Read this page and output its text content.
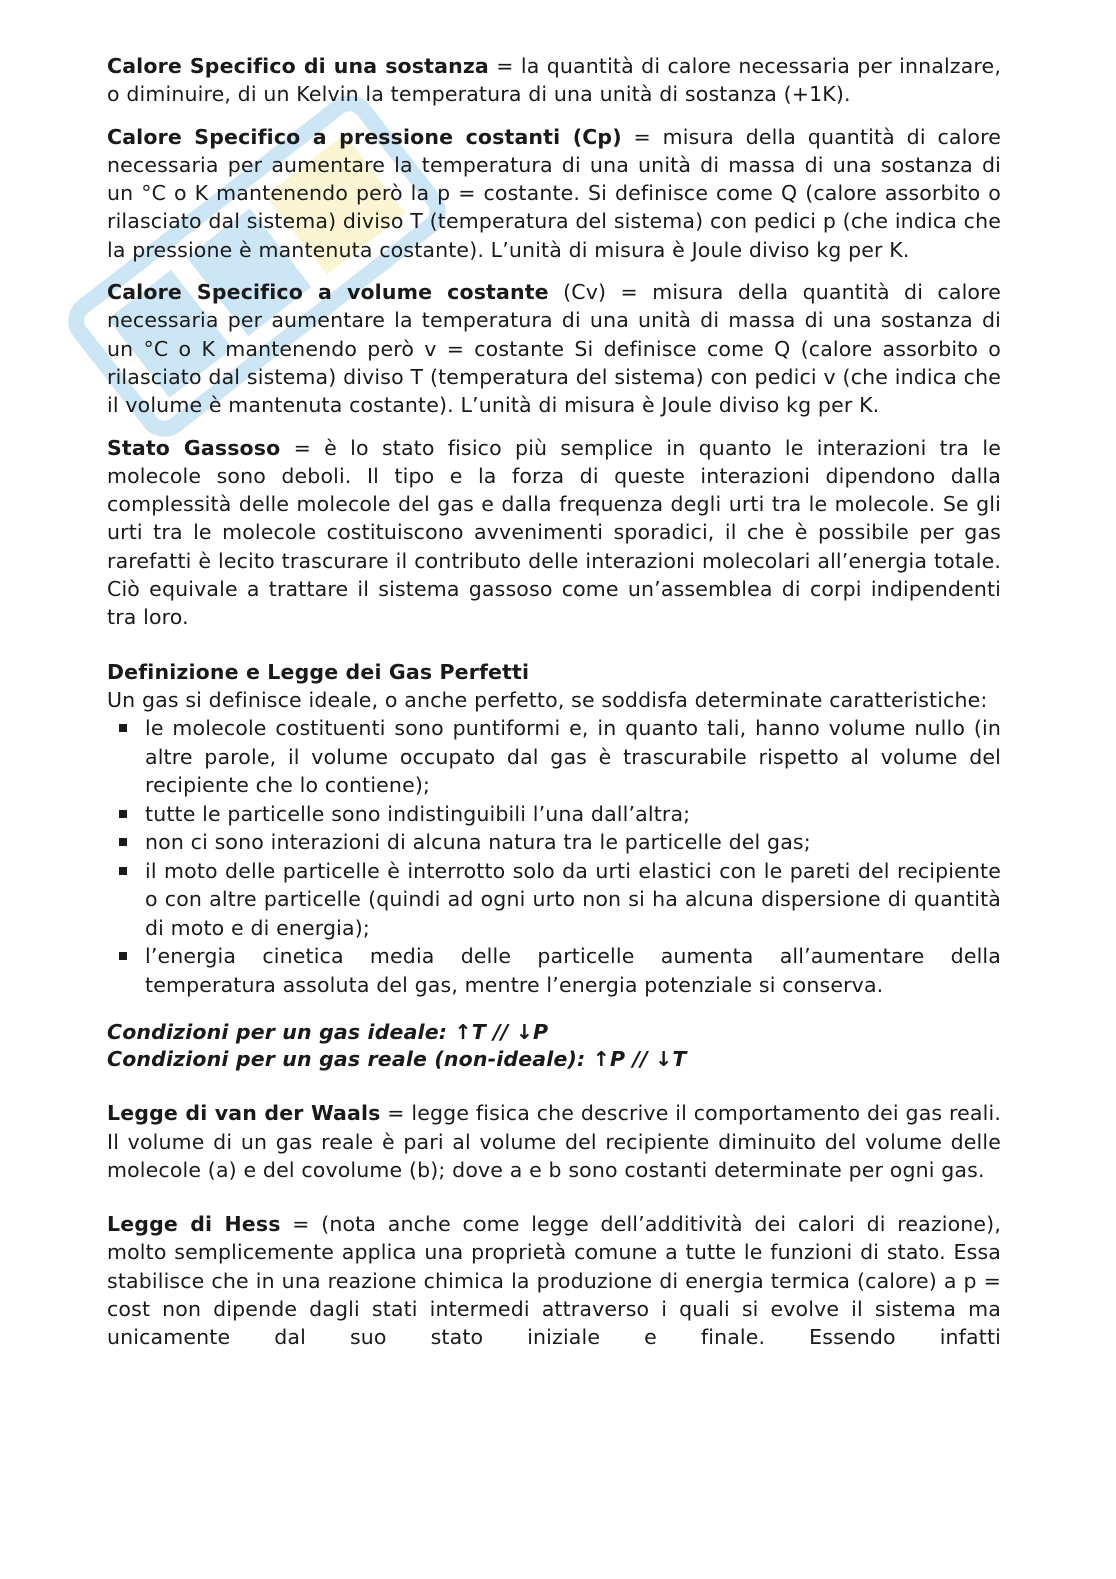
Calore Specifico di una sostanza = la quantità di calore necessaria per innalzare, o diminuire, di un Kelvin la temperatura di una unità di sostanza (+1K).

Calore Specifico a pressione costanti (Cp) = misura della quantità di calore necessaria per aumentare la temperatura di una unità di massa di una sostanza di un °C o K mantenendo però la p = costante. Si definisce come Q (calore assorbito o rilasciato dal sistema) diviso T (temperatura del sistema) con pedici p (che indica che la pressione è mantenuta costante). L’unità di misura è Joule diviso kg per K.

Calore Specifico a volume costante (Cv) = misura della quantità di calore necessaria per aumentare la temperatura di una unità di massa di una sostanza di un °C o K mantenendo però v = costante Si definisce come Q (calore assorbito o rilasciato dal sistema) diviso T (temperatura del sistema) con pedici v (che indica che il volume è mantenuta costante). L’unità di misura è Joule diviso kg per K.

Stato Gassoso = è lo stato fisico più semplice in quanto le interazioni tra le molecole sono deboli. Il tipo e la forza di queste interazioni dipendono dalla complessità delle molecole del gas e dalla frequenza degli urti tra le molecole. Se gli urti tra le molecole costituiscono avvenimenti sporadici, il che è possibile per gas rarefatti è lecito trascurare il contributo delle interazioni molecolari all’energia totale. Ciò equivale a trattare il sistema gassoso come un’assemblea di corpi indipendenti tra loro.

Definizione e Legge dei Gas Perfetti

Un gas si definisce ideale, o anche perfetto, se soddisfa determinate caratteristiche:

le molecole costituenti sono puntiformi e, in quanto tali, hanno volume nullo (in altre parole, il volume occupato dal gas è trascurabile rispetto al volume del recipiente che lo contiene);
tutte le particelle sono indistinguibili l’una dall’altra;
non ci sono interazioni di alcuna natura tra le particelle del gas;
il moto delle particelle è interrotto solo da urti elastici con le pareti del recipiente o con altre particelle (quindi ad ogni urto non si ha alcuna dispersione di quantità di moto e di energia);
l’energia cinetica media delle particelle aumenta all’aumentare della temperatura assoluta del gas, mentre l’energia potenziale si conserva.

Condizioni per un gas ideale: ↑T // ↓P

Condizioni per un gas reale (non-ideale): ↑P // ↓T

Legge di van der Waals = legge fisica che descrive il comportamento dei gas reali. Il volume di un gas reale è pari al volume del recipiente diminuito del volume delle molecole (a) e del covolume (b); dove a e b sono costanti determinate per ogni gas.

Legge di Hess = (nota anche come legge dell’additività dei calori di reazione), molto semplicemente applica una proprietà comune a tutte le funzioni di stato. Essa stabilisce che in una reazione chimica la produzione di energia termica (calore) a p = cost non dipende dagli stati intermedi attraverso i quali si evolve il sistema ma unicamente dal suo stato iniziale e finale. Essendo infatti
